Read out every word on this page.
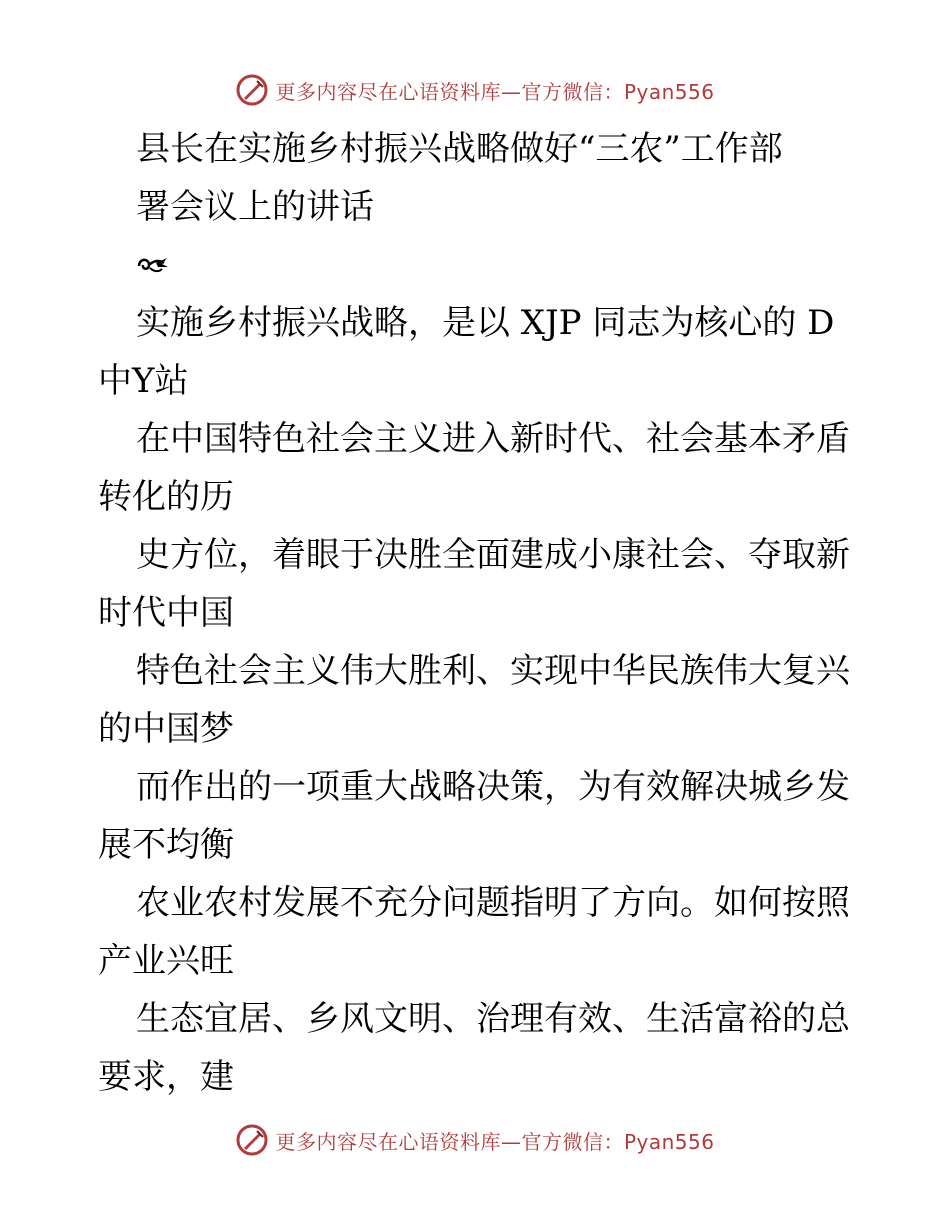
更多内容尽在心语资料库—官方微信：Pyan556
县长在实施乡村振兴战略做好“三农”工作部
署会议上的讲话
实施乡村振兴战略，是以 XJP 同志为核心的 D
中Y站
在中国特色社会主义进入新时代、社会基本矛盾
转化的历
史方位，着眼于决胜全面建成小康社会、夺取新
时代中国
特色社会主义伟大胜利、实现中华民族伟大复兴
的中国梦
而作出的一项重大战略决策，为有效解决城乡发
展不均衡
农业农村发展不充分问题指明了方向。如何按照
产业兴旺
生态宜居、乡风文明、治理有效、生活富裕的总
要求，建
更多内容尽在心语资料库—官方微信：Pyan556
